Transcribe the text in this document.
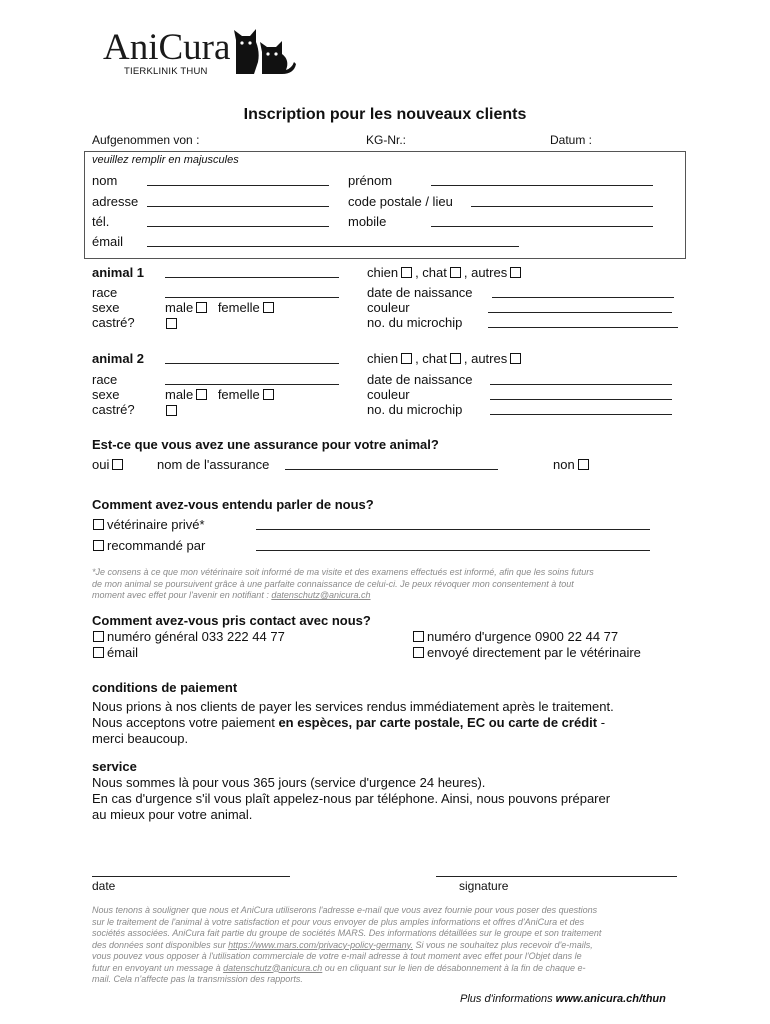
AniCura
TIERKLINIK THUN
Inscription pour les nouveaux clients
Aufgenommen von :	KG-Nr.:	Datum :
veuillez remplir en majuscules
nom	prénom
adresse	code postale / lieu
tél.	mobile
émail
animal 1	chien , chat , autres
race	date de naissance
sexe	male femelle	couleur
castré?	no. du microchip
animal 2	chien , chat , autres
race	date de naissance
sexe	male femelle	couleur
castré?	no. du microchip
Est-ce que vous avez une assurance pour votre animal?
oui	nom de l'assurance	non
Comment avez-vous entendu parler de nous?
vétérinaire privé*
recommandé par
*Je consens à ce que mon vétérinaire soit informé de ma visite et des examens effectués est informé, afin que les soins futurs
de mon animal se poursuivent grâce à une parfaite connaissance de celui-ci. Je peux révoquer mon consentement à tout
moment avec effet pour l'avenir en notifiant : datenschutz@anicura.ch
Comment avez-vous pris contact avec nous?
numéro général 033 222 44 77	numéro d'urgence 0900 22 44 77
émail	envoyé directement par le vétérinaire
conditions de paiement
Nous prions à nos clients de payer les services rendus immédiatement après le traitement.
Nous acceptons votre paiement en espèces, par carte postale, EC ou carte de crédit -
merci beaucoup.
service
Nous sommes là pour vous 365 jours (service d'urgence 24 heures).
En cas d'urgence s'il vous plaît appelez-nous par téléphone. Ainsi, nous pouvons préparer
au mieux pour votre animal.
date	signature
Nous tenons à souligner que nous et AniCura utiliserons l'adresse e-mail que vous avez fournie pour vous poser des questions
sur le traitement de l'animal à votre satisfaction et pour vous envoyer de plus amples informations et offres d'AniCura et des
sociétés associées. AniCura fait partie du groupe de sociétés MARS. Des informations détaillées sur le groupe et son traitement
des données sont disponibles sur https://www.mars.com/privacy-policy-germany. Si vous ne souhaitez plus recevoir d'e-mails,
vous pouvez vous opposer à l'utilisation commerciale de votre e-mail adresse à tout moment avec effet pour l'Objet dans le
futur en envoyant un message à datenschutz@anicura.ch ou en cliquant sur le lien de désabonnement à la fin de chaque e-
mail. Cela n'affecte pas la transmission des rapports.
Plus d'informations www.anicura.ch/thun
